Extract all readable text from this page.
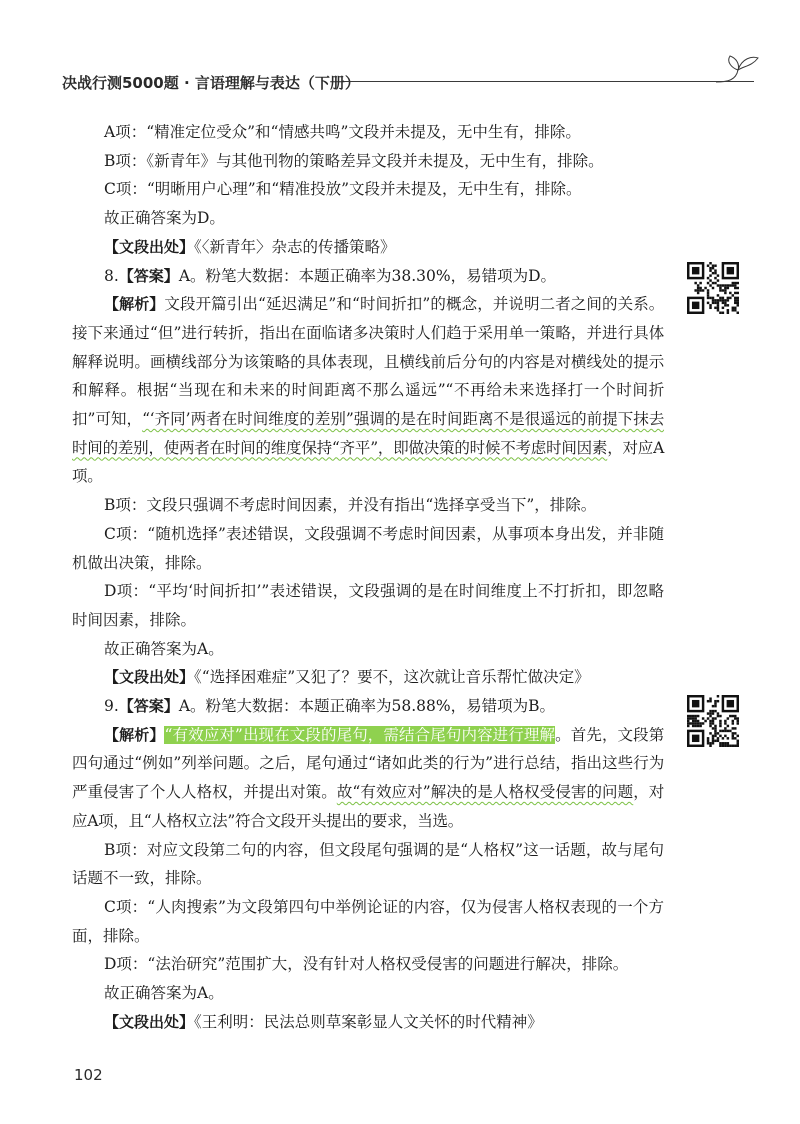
决战行测5000题 · 言语理解与表达（下册）

A项：“精准定位受众”和“情感共鸣”文段并未提及，无中生有，排除。

B项：《新青年》与其他刊物的策略差异文段并未提及，无中生有，排除。

C项：“明晰用户心理”和“精准投放”文段并未提及，无中生有，排除。

故正确答案为D。

【文段出处】《〈新青年〉杂志的传播策略》

8.【答案】A。粉笔大数据：本题正确率为38.30%，易错项为D。

【解析】文段开篇引出“延迟满足”和“时间折扣”的概念，并说明二者之间的关系。接下来通过“但”进行转折，指出在面临诸多决策时人们趋于采用单一策略，并进行具体解释说明。画横线部分为该策略的具体表现，且横线前后分句的内容是对横线处的提示和解释。根据“当现在和未来的时间距离不那么遥远”“不再给未来选择打一个时间折扣”可知，“‘齐同’两者在时间维度的差别”强调的是在时间距离不是很遥远的前提下抹去时间的差别，使两者在时间的维度保持“齐平”，即做决策的时候不考虑时间因素，对应A项。

B项：文段只强调不考虑时间因素，并没有指出“选择享受当下”，排除。

C项：“随机选择”表述错误，文段强调不考虑时间因素，从事项本身出发，并非随机做出决策，排除。

D项：“平均‘时间折扣’”表述错误，文段强调的是在时间维度上不打折扣，即忽略时间因素，排除。

故正确答案为A。

【文段出处】《“选择困难症”又犯了？要不，这次就让音乐帮忙做决定》

9.【答案】A。粉笔大数据：本题正确率为58.88%，易错项为B。

【解析】“有效应对”出现在文段的尾句，需结合尾句内容进行理解。首先，文段第四句通过“例如”列举问题。之后，尾句通过“诸如此类的行为”进行总结，指出这些行为严重侵害了个人人格权，并提出对策。故“有效应对”解决的是人格权受侵害的问题，对应A项，且“人格权立法”符合文段开头提出的要求，当选。

B项：对应文段第二句的内容，但文段尾句强调的是“人格权”这一话题，故与尾句话题不一致，排除。

C项：“人肉搜索”为文段第四句中举例论证的内容，仅为侵害人格权表现的一个方面，排除。

D项：“法治研究”范围扩大，没有针对人格权受侵害的问题进行解决，排除。

故正确答案为A。

【文段出处】《王利明：民法总则草案彰显人文关怀的时代精神》

102
